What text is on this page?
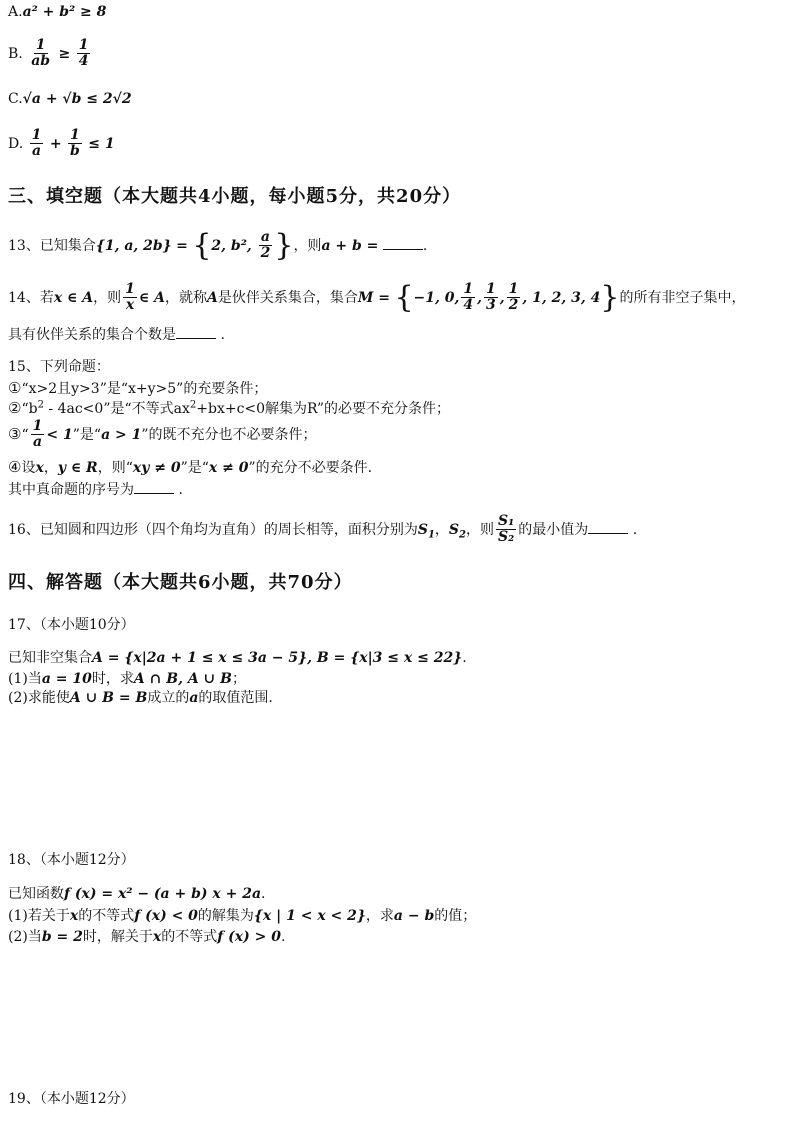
A.a² + b² ≥ 8
B. $\frac{1}{ab} \ge \frac{1}{4}$
C.√a + √b ≤ 2√2
D. $\frac{1}{a} + \frac{1}{b} \le 1$
三、填空题（本大题共4小题，每小题5分，共20分）
13、已知集合{1, a, 2b} = {2, b², $\frac{a}{2}$ }，则a + b =	.
14、若x ∈ A，则 $\frac{1}{x}$ ∈ A，就称A是伙伴关系集合，集合M = {−1, 0, $\frac{1}{4}$ , $\frac{1}{3}$ , $\frac{1}{2}$ , 1, 2, 3, 4}的所有非空子集中，
具有伙伴关系的集合个数是	.
15、下列命题：
①“x>2且y>3”是“x+y>5”的充要条件；
$②“b^2 - 4ac<0$”是“不等式$ax^2+bx+c<0$解集为R”的必要不充分条件；
③“ $\frac{1}{a} < 1$”是“a > 1”的既不充分也不必要条件；
④设x，y ∈ R，则“xy ≠ 0”是“x ≠ 0”的充分不必要条件.
其中真命题的序号为	.
16、已知圆和四边形（四个角均为直角）的周长相等，面积分别为$S_1$，$S_2$，则 $\frac{\text{S₁}}{\text{S₂}}$ 的最小值为	.
四、解答题（本大题共6小题，共70分）
17、（本小题10分）
已知非空集合A = {x|2a + 1 ≤ x ≤ 3a − 5}, B = {x|3 ≤ x ≤ 22}.
(1)当a = 10时，求A ∩ B, A ∪ B；
(2)求能使A ∪ B = B成立的a的取值范围.
18、（本小题12分）
已知函数f (x) = x² − (a + b) x + 2a.
(1)若关于x的不等式f (x) < 0的解集为{x | 1 < x < 2}，求a − b的值；
(2)当b = 2时，解关于x的不等式f (x) > 0.
19、（本小题12分）
